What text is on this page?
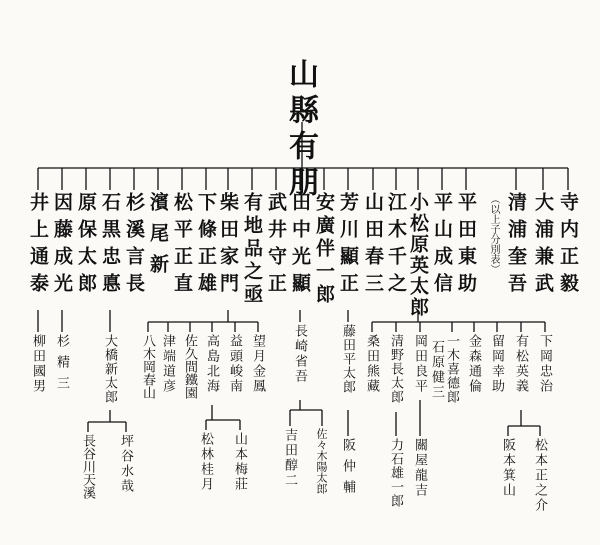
山縣有朋
寺内正毅
大浦兼武
清浦奎吾
（以上子分別表）
平田東助
小松原英太郎 平山成信
江木千之
山田春三
芳川顯正
安廣伴一郎
田中光顯
武井守正
有地品之亟
柴田家門
下條正雄
松平正直
濱尾新
杉溪言長
石黒忠悳
原保太郎
因藤成光
井上通泰
下岡忠治
有松英義
留岡幸助
金森通倫
一木喜德郎
岡田良平 石原健三
清野長太郎
桑田熊藏
藤田平太郎
長崎省吾
望月金鳳
益頭峻南
高島北海
佐久間鐵園
津端道彦
八木岡春山
大橋新太郎
杉精三
柳田國男
松本正之介
阪本箕山
關屋龍吉
力石雄一郎
阪仲輔
佐々木陽太郎
吉田醇二
山本梅莊
松林桂月
坪谷水哉
長谷川天溪
